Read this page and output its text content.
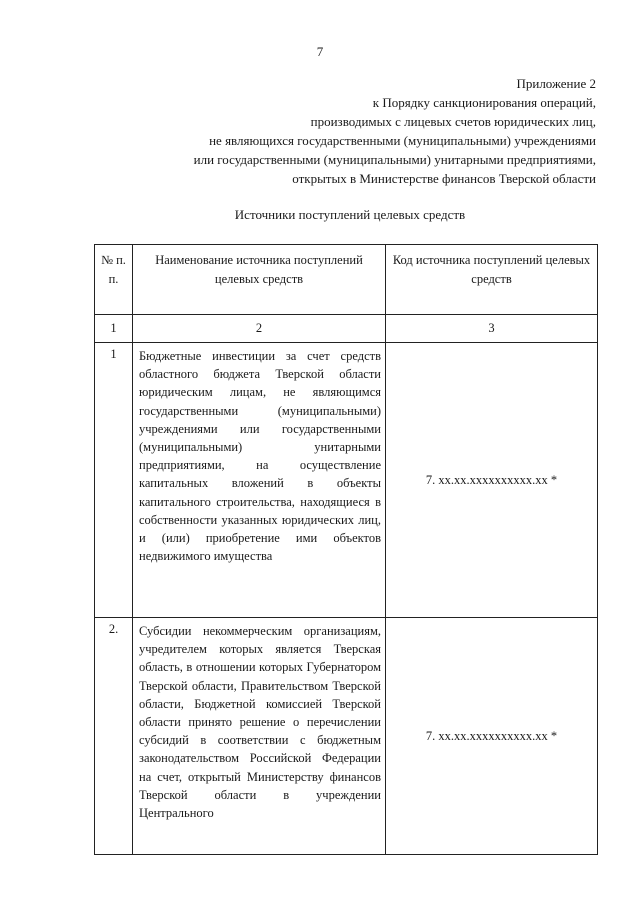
7
Приложение 2
к Порядку санкционирования операций,
производимых с лицевых счетов юридических лиц,
не являющихся государственными (муниципальными) учреждениями
или государственными (муниципальными) унитарными предприятиями,
открытых в Министерстве финансов Тверской области
Источники поступлений целевых средств
№ п. п.	Наименование источника поступлений целевых средств	Код источника поступлений целевых средств
1	2	3
1	Бюджетные инвестиции за счет средств областного бюджета Тверской области юридическим лицам, не являющимся государственными (муниципальными) учреждениями или государственными (муниципальными) унитарными предприятиями, на осуществление капитальных вложений в объекты капитального строительства, находящиеся в собственности указанных юридических лиц, и (или) приобретение ими объектов недвижимого имущества	7. хх.хх.хххххххххх.хх *
2.	Субсидии некоммерческим организациям, учредителем которых является Тверская область, в отношении которых Губернатором Тверской области, Правительством Тверской области, Бюджетной комиссией Тверской области принято решение о перечислении субсидий в соответствии с бюджетным законодательством Российской Федерации на счет, открытый Министерству финансов Тверской области в учреждении Центрального	7. хх.хх.хххххххххх.хх *
